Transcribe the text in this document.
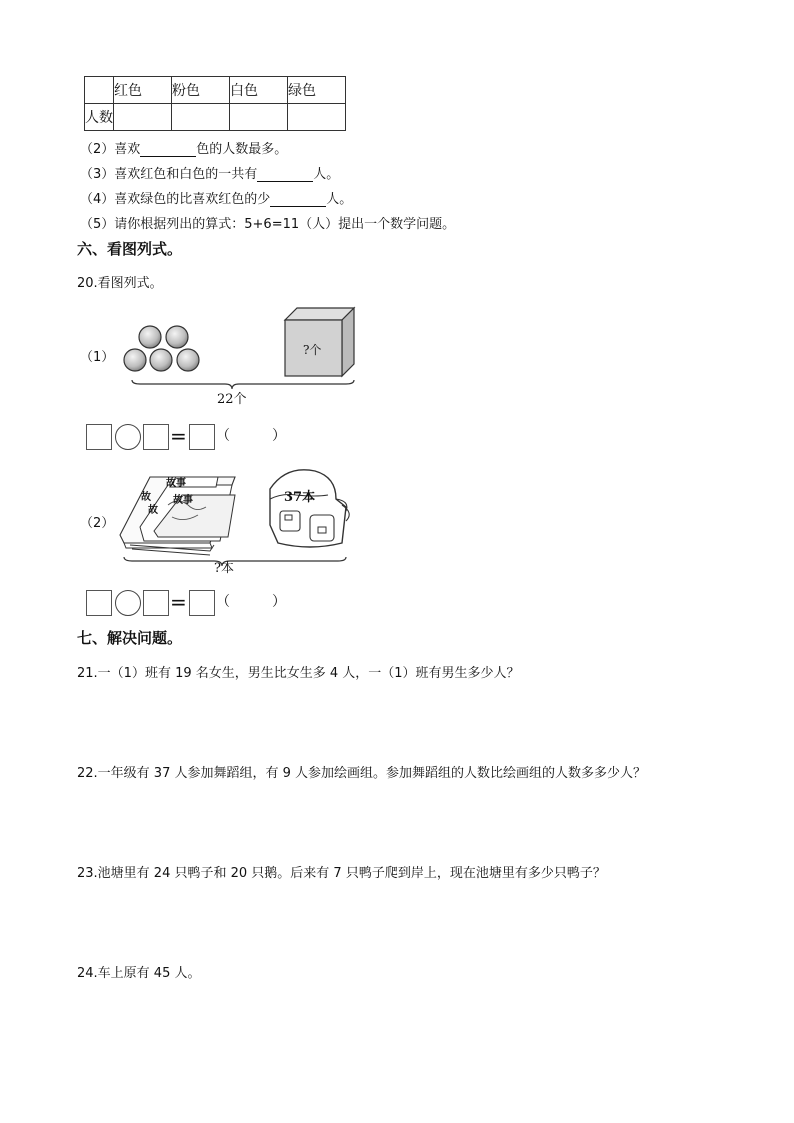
	红色	粉色	白色	绿色
人数				
（2）喜欢	色的人数最多。
（3）喜欢红色和白色的一共有	人。
（4）喜欢绿色的比喜欢红色的少	人。
（5）请你根据列出的算式：5+6=11（人）提出一个数学问题。
六、看图列式。
20.看图列式。
（1）	?个
22个
= （　　　）
（2）
故事
故 故事
故
37本
?本
= （　　　）
七、解决问题。
21.一（1）班有 19 名女生，男生比女生多 4 人，一（1）班有男生多少人？
22.一年级有 37 人参加舞蹈组，有 9 人参加绘画组。参加舞蹈组的人数比绘画组的人数多多少人？
23.池塘里有 24 只鸭子和 20 只鹅。后来有 7 只鸭子爬到岸上，现在池塘里有多少只鸭子？
24.车上原有 45 人。
